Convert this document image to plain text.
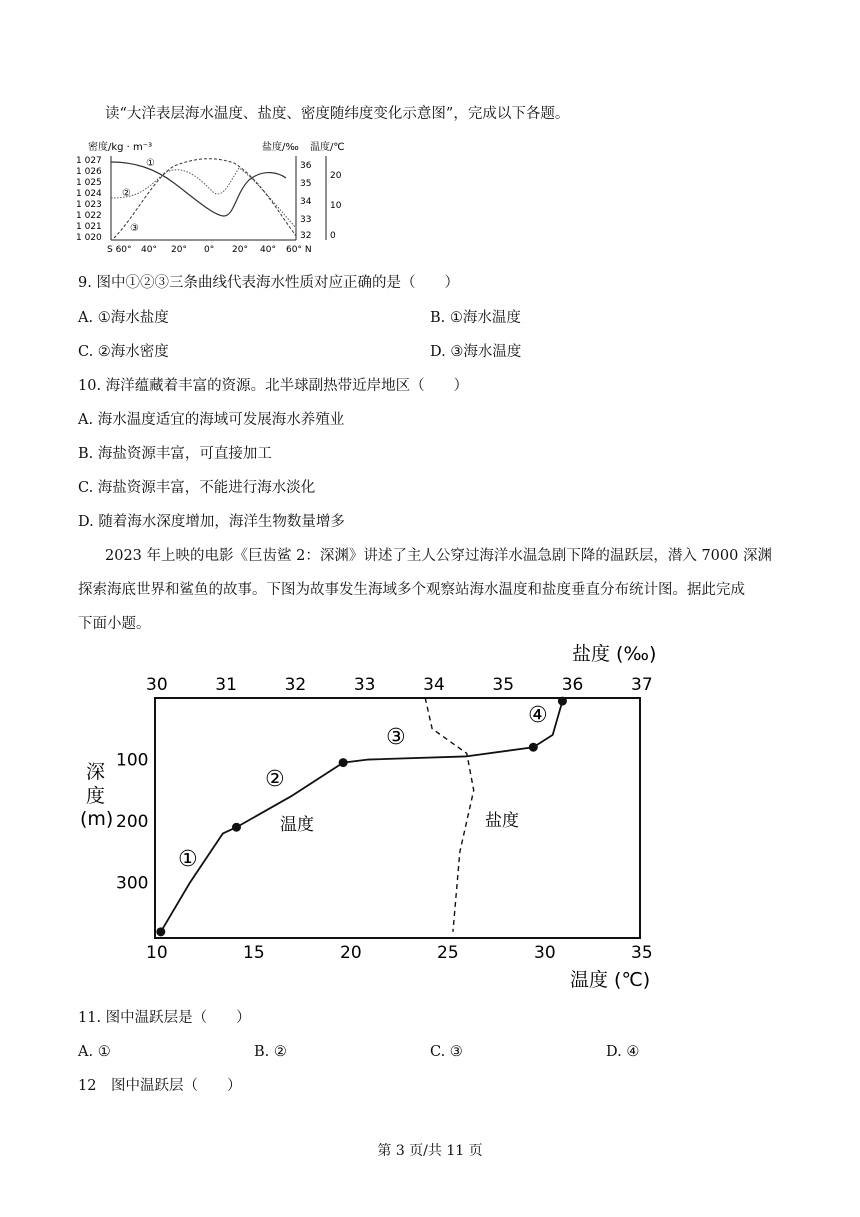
读“大洋表层海水温度、盐度、密度随纬度变化示意图”，完成以下各题。
密度/kg · m⁻³	盐度/‰ 温度/℃
1 027
1 026
1 025
1 024
1 023
1 022
1 021
1 020
36
35
34
33
32
20
10
0
S 60° 40° 20° 0° 20° 40° 60° N
①
②
③
9. 图中①②③三条曲线代表海水性质对应正确的是（　　）
A. ①海水盐度	B. ①海水温度
C. ②海水密度	D. ③海水温度
10. 海洋蕴藏着丰富的资源。北半球副热带近岸地区（　　）
A. 海水温度适宜的海域可发展海水养殖业
B. 海盐资源丰富，可直接加工
C. 海盐资源丰富，不能进行海水淡化
D. 随着海水深度增加，海洋生物数量增多
2023 年上映的电影《巨齿鲨 2：深渊》讲述了主人公穿过海洋水温急剧下降的温跃层，潜入 7000 深渊
探索海底世界和鲨鱼的故事。下图为故事发生海域多个观察站海水温度和盐度垂直分布统计图。据此完成
下面小题。
盐度 (‰)
30	31	32	33	34	35	36	37
10	15	20	25	30	35
温度 (℃)
深
度
(m)
100
200
300
温度	盐度
①
②
③
④
11. 图中温跃层是（　　）
A. ①	B. ②	C. ③	D. ④
12　图中温跃层（　　）
第 3 页/共 11 页
